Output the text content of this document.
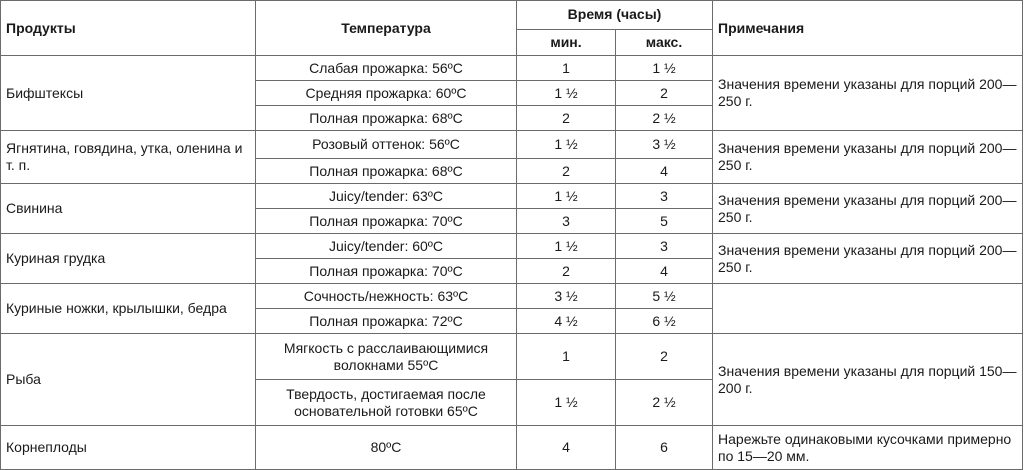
Продукты	Температура	Время (часы)		Примечания
		мин.	макс.	
Бифштексы	Слабая прожарка: 56ºC	1	1 ½	Значения времени указаны для порций 200—250 г.
	Средняя прожарка: 60ºC	1 ½	2	
	Полная прожарка: 68ºC	2	2 ½	
Ягнятина, говядина, утка, оленина и т. п.	Розовый оттенок: 56ºC	1 ½	3 ½	Значения времени указаны для порций 200—250 г.
	Полная прожарка: 68ºC	2	4	
Свинина	Juicy/tender: 63ºC	1 ½	3	Значения времени указаны для порций 200—250 г.
	Полная прожарка: 70ºC	3	5	
Куриная грудка	Juicy/tender: 60ºC	1 ½	3	Значения времени указаны для порций 200—250 г.
	Полная прожарка: 70ºC	2	4	
Куриные ножки, крылышки, бедра	Сочность/нежность: 63ºC	3 ½	5 ½	
	Полная прожарка: 72ºC	4 ½	6 ½	
Рыба	Мягкость с расслаивающимися волокнами 55ºC	1	2	Значения времени указаны для порций 150—200 г.
	Твердость, достигаемая после основательной готовки 65ºC	1 ½	2 ½	
Корнеплоды	80ºC	4	6	Нарежьте одинаковыми кусочками примерно по 15—20 мм.
